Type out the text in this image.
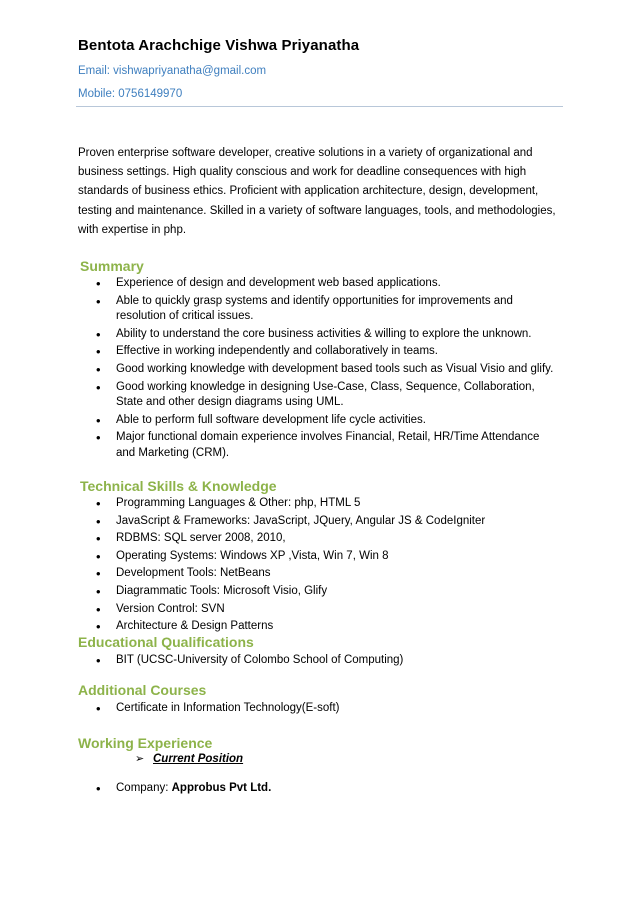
Bentota Arachchige Vishwa Priyanatha
Email: vishwapriyanatha@gmail.com
Mobile: 0756149970
Proven enterprise software developer, creative solutions in a variety of organizational and business settings. High quality conscious and work for deadline consequences with high standards of business ethics. Proficient with application architecture, design, development, testing and maintenance. Skilled in a variety of software languages, tools, and methodologies, with expertise in php.
Summary
• Experience of design and development web based applications.
• Able to quickly grasp systems and identify opportunities for improvements and resolution of critical issues.
• Ability to understand the core business activities & willing to explore the unknown.
• Effective in working independently and collaboratively in teams.
• Good working knowledge with development based tools such as Visual Visio and glify.
• Good working knowledge in designing Use-Case, Class, Sequence, Collaboration, State and other design diagrams using UML.
• Able to perform full software development life cycle activities.
• Major functional domain experience involves Financial, Retail, HR/Time Attendance and Marketing (CRM).
Technical Skills & Knowledge
• Programming Languages & Other: php, HTML 5
• JavaScript & Frameworks: JavaScript, JQuery, Angular JS & CodeIgniter
• RDBMS: SQL server 2008, 2010,
• Operating Systems: Windows XP ,Vista, Win 7, Win 8
• Development Tools: NetBeans
• Diagrammatic Tools: Microsoft Visio, Glify
• Version Control: SVN
• Architecture & Design Patterns
Educational Qualifications
• BIT (UCSC-University of Colombo School of Computing)
Additional Courses
• Certificate in Information Technology(E-soft)
Working Experience
➢ Current Position
• Company: Approbus Pvt Ltd.
